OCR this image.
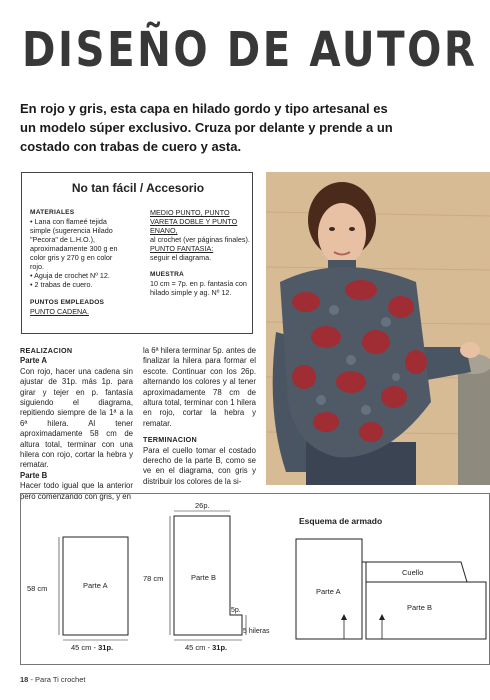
DISEÑO DE AUTOR
En rojo y gris, esta capa en hilado gordo y tipo artesanal es un modelo súper exclusivo. Cruza por delante y prende a un costado con trabas de cuero y asta.
No tan fácil / Accesorio
MATERIALES
• Lana con flameé tejida simple (sugerencia Hilado "Pecora" de L.H.O.), aproximadamente 300 g en color gris y 270 g en color rojo.
• Aguja de crochet Nº 12.
• 2 trabas de cuero.
PUNTOS EMPLEADOS
PUNTO CADENA.
MEDIO PUNTO, PUNTO VARETA DOBLE Y PUNTO ENANO,
al crochet (ver páginas finales).
PUNTO FANTASIA:
seguir el diagrama.
MUESTRA
10 cm = 7p. en p. fantasía con hilado simple y ag. Nº 12.
REALIZACION
Parte A
Con rojo, hacer una cadena sin ajustar de 31p. más 1p. para girar y tejer en p. fantasía siguiendo el diagrama, repitiendo siempre de la 1ª a la 6ª hilera. Al tener aproximadamente 58 cm de altura total, terminar con una hilera con rojo, cortar la hebra y rematar.
Parte B
Hacer todo igual que la anterior pero comenzando con gris, y en
la 6ª hilera terminar 5p. antes de finalizar la hilera para formar el escote. Continuar con los 26p. alternando los colores y al tener aproximadamente 78 cm de altura total, terminar con 1 hilera en rojo, cortar la hebra y rematar.
TERMINACION
Para el cuello tomar el costado derecho de la parte B, como se ve en el diagrama, con gris y distribuir los colores de la si-
58 cm	Parte A
45 cm - 31p.
26p.
78 cm	Parte B
5p.
5 hileras
45 cm - 31p.
Esquema de armado
Parte A
Cuello
Parte B
18 - Para Ti crochet
